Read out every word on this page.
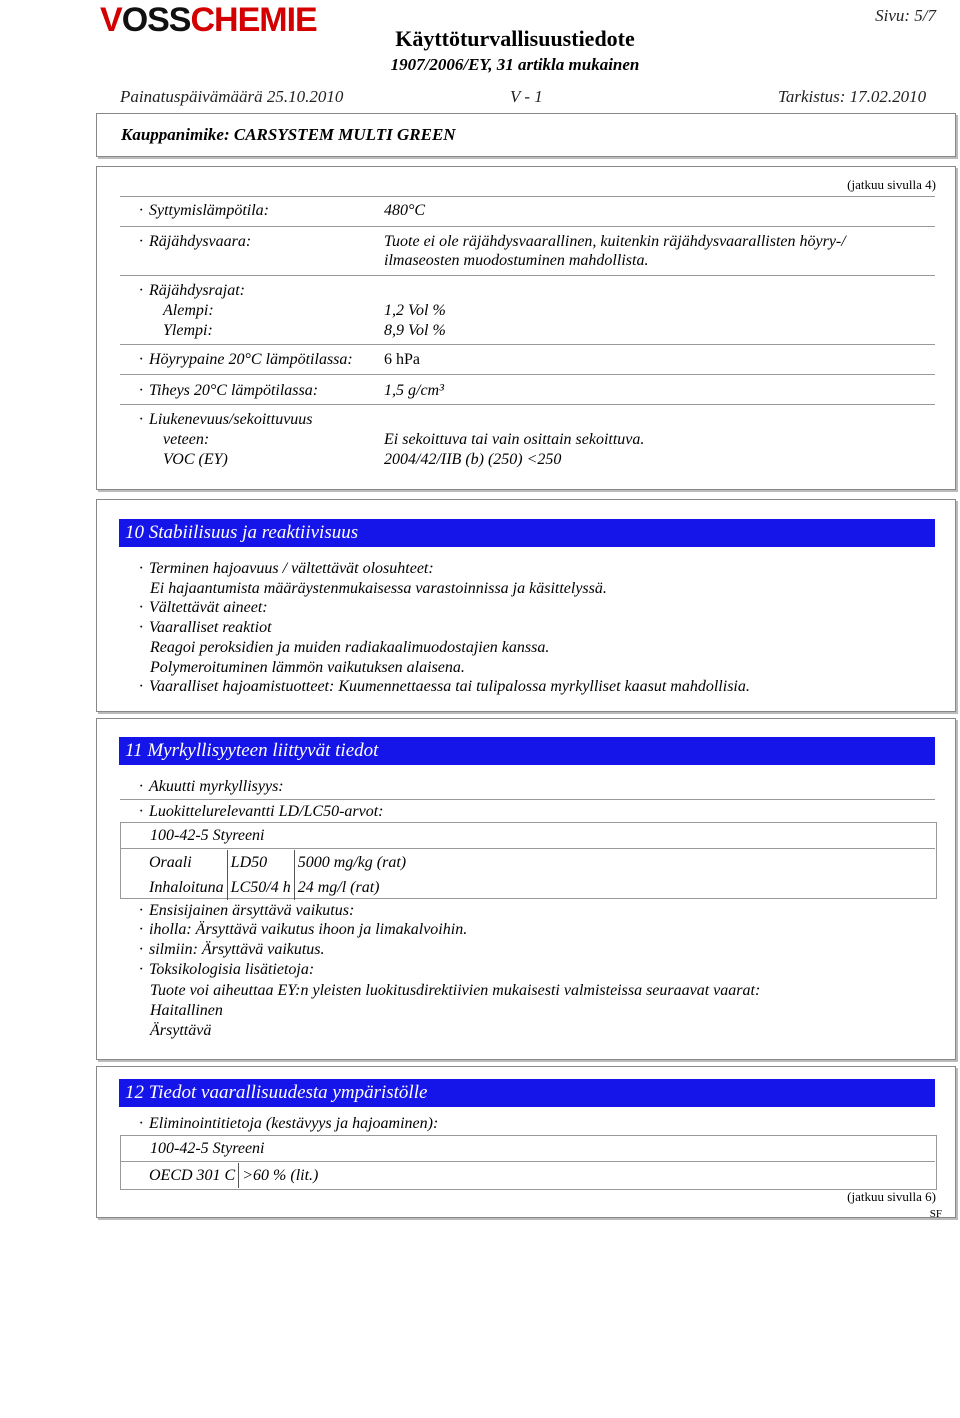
VOSSCHEMIE	Sivu: 5/7
Käyttöturvallisuustiedote
1907/2006/EY, 31 artikla mukainen
Painatuspäivämäärä 25.10.2010	V - 1	Tarkistus: 17.02.2010
Kauppanimike: CARSYSTEM MULTI GREEN
(jatkuu sivulla 4)
· Syttymislämpötila:	480°C
· Räjähdysvaara:	Tuote ei ole räjähdysvaarallinen, kuitenkin räjähdysvaarallisten höyry-/
ilmaseosten muodostuminen mahdollista.
· Räjähdysrajat:
Alempi:	1,2 Vol %
Ylempi:	8,9 Vol %
· Höyrypaine 20°C lämpötilassa: 6 hPa
· Tiheys 20°C lämpötilassa:	1,5 g/cm³
· Liukenevuus/sekoittuvuus
veteen:	Ei sekoittuva tai vain osittain sekoittuva.
VOC (EY)	2004/42/IIB (b) (250) <250
10 Stabiilisuus ja reaktiivisuus
· Terminen hajoavuus / vältettävät olosuhteet:
Ei hajaantumista määräystenmukaisessa varastoinnissa ja käsittelyssä.
· Vältettävät aineet:
· Vaaralliset reaktiot
Reagoi peroksidien ja muiden radiakaalimuodostajien kanssa.
Polymeroituminen lämmön vaikutuksen alaisena.
· Vaaralliset hajoamistuotteet: Kuumennettaessa tai tulipalossa myrkylliset kaasut mahdollisia.
11 Myrkyllisyyteen liittyvät tiedot
· Akuutti myrkyllisyys:
· Luokittelurelevantti LD/LC50-arvot:
100-42-5 Styreeni
Oraali	LD50	5000 mg/kg (rat)
Inhaloituna	LC50/4 h	24 mg/l (rat)
· Ensisijainen ärsyttävä vaikutus:
· iholla: Ärsyttävä vaikutus ihoon ja limakalvoihin.
· silmiin: Ärsyttävä vaikutus.
· Toksikologisia lisätietoja:
Tuote voi aiheuttaa EY:n yleisten luokitusdirektiivien mukaisesti valmisteissa seuraavat vaarat:
Haitallinen
Ärsyttävä
12 Tiedot vaarallisuudesta ympäristölle
· Eliminointitietoja (kestävyys ja hajoaminen):
100-42-5 Styreeni
OECD 301 C	>60 % (lit.)
(jatkuu sivulla 6)
SF
